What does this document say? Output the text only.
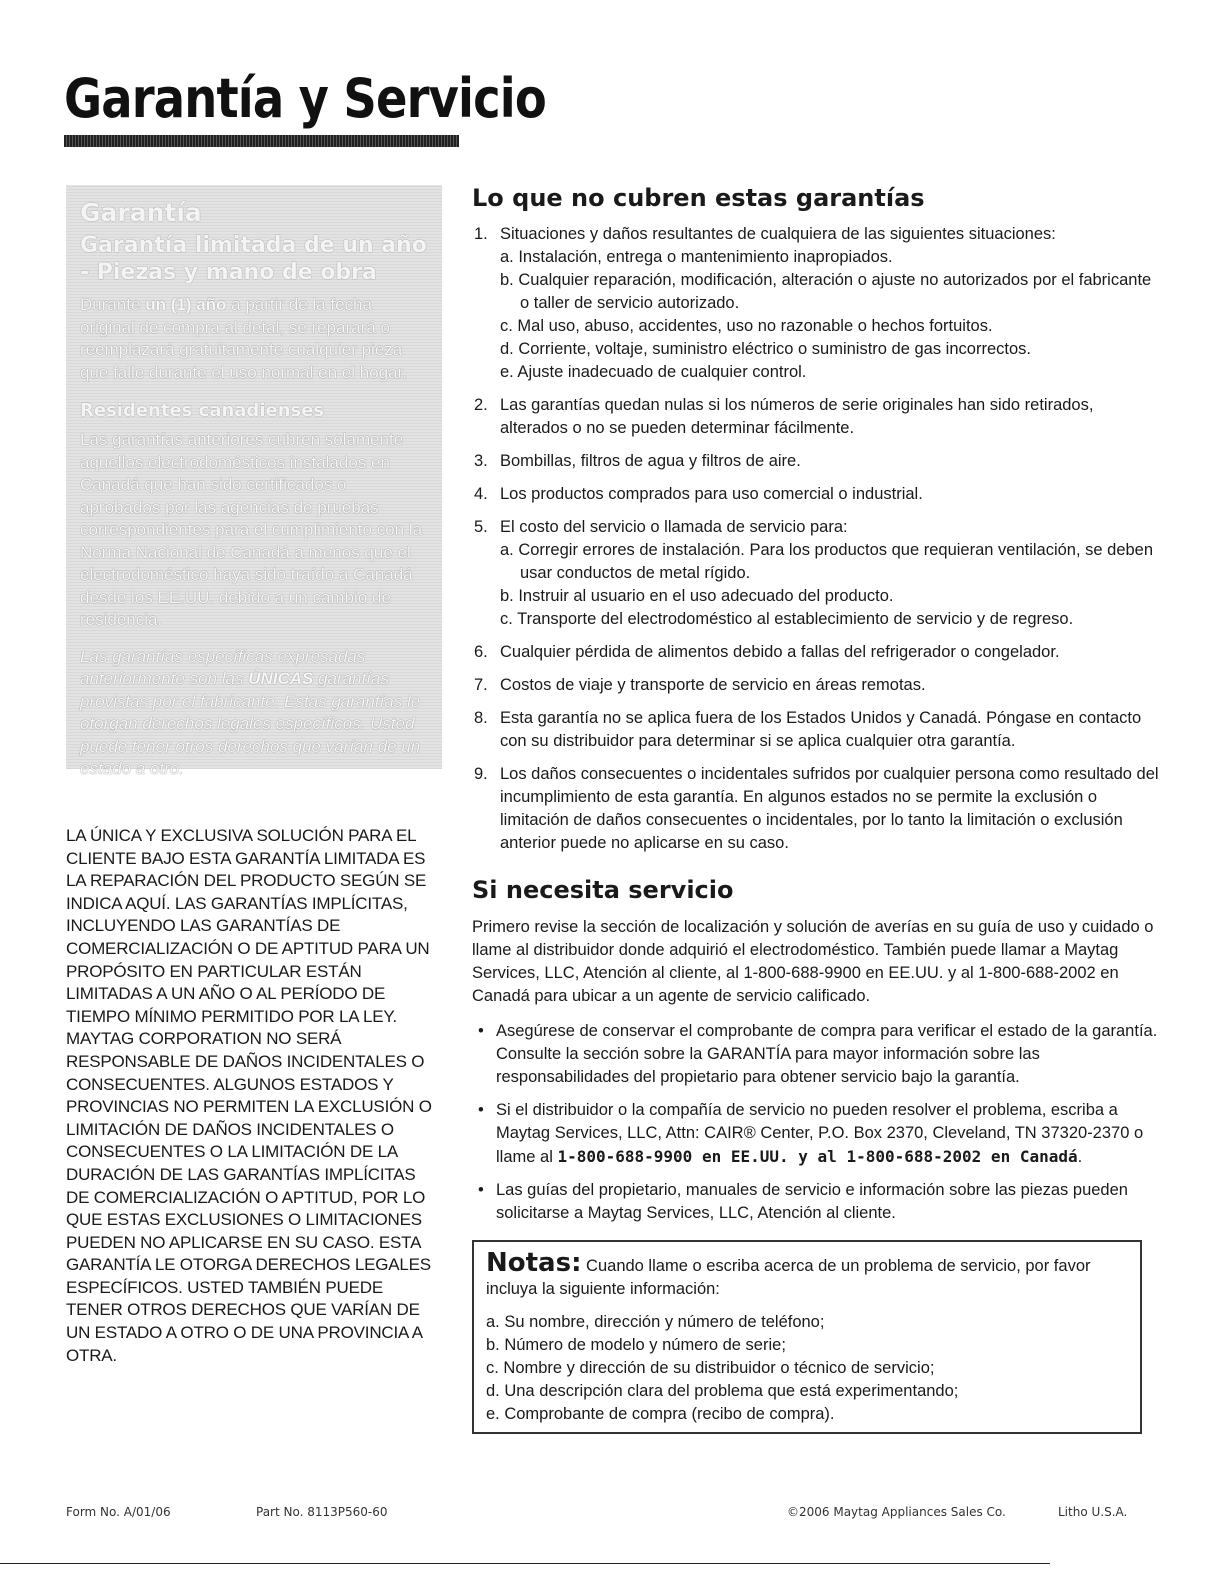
Garantía y Servicio
Garantía
Garantía limitada de un año - Piezas y mano de obra

Durante un (1) año a partir de la fecha original de compra al detal, se reparará o reemplazará gratuitamente cualquier pieza que falle durante el uso normal en el hogar.

Residentes canadienses

Las garantías anteriores cubren solamente aquellos electrodomésticos instalados en Canadá que han sido certificados o aprobados por las agencias de pruebas correspondientes para el cumplimiento con la Norma Nacional de Canadá a menos que el electrodoméstico haya sido traído a Canadá desde los EE.UU. debido a un cambio de residencia.

Las garantías específicas expresadas anteriormente son las ÚNICAS garantías provistas por el fabricante. Estas garantías le otorgan derechos legales específicos. Usted puede tener otros derechos que varían de un estado a otro.

LA ÚNICA Y EXCLUSIVA SOLUCIÓN PARA EL CLIENTE BAJO ESTA GARANTÍA LIMITADA ES LA REPARACIÓN DEL PRODUCTO SEGÚN SE INDICA AQUÍ. LAS GARANTÍAS IMPLÍCITAS, INCLUYENDO LAS GARANTÍAS DE COMERCIALIZACIÓN O DE APTITUD PARA UN PROPÓSITO EN PARTICULAR ESTÁN LIMITADAS A UN AÑO O AL PERÍODO DE TIEMPO MÍNIMO PERMITIDO POR LA LEY. MAYTAG CORPORATION NO SERÁ RESPONSABLE DE DAÑOS INCIDENTALES O CONSECUENTES. ALGUNOS ESTADOS Y PROVINCIAS NO PERMITEN LA EXCLUSIÓN O LIMITACIÓN DE DAÑOS INCIDENTALES O CONSECUENTES O LA LIMITACIÓN DE LA DURACIÓN DE LAS GARANTÍAS IMPLÍCITAS DE COMERCIALIZACIÓN O APTITUD, POR LO QUE ESTAS EXCLUSIONES O LIMITACIONES PUEDEN NO APLICARSE EN SU CASO. ESTA GARANTÍA LE OTORGA DERECHOS LEGALES ESPECÍFICOS. USTED TAMBIÉN PUEDE TENER OTROS DERECHOS QUE VARÍAN DE UN ESTADO A OTRO O DE UNA PROVINCIA A OTRA.

Lo que no cubren estas garantías
1. Situaciones y daños resultantes de cualquiera de las siguientes situaciones:
a. Instalación, entrega o mantenimiento inapropiados.
b. Cualquier reparación, modificación, alteración o ajuste no autorizados por el fabricante o taller de servicio autorizado.
c. Mal uso, abuso, accidentes, uso no razonable o hechos fortuitos.
d. Corriente, voltaje, suministro eléctrico o suministro de gas incorrectos.
e. Ajuste inadecuado de cualquier control.
2. Las garantías quedan nulas si los números de serie originales han sido retirados, alterados o no se pueden determinar fácilmente.
3. Bombillas, filtros de agua y filtros de aire.
4. Los productos comprados para uso comercial o industrial.
5. El costo del servicio o llamada de servicio para:
a. Corregir errores de instalación. Para los productos que requieran ventilación, se deben usar conductos de metal rígido.
b. Instruir al usuario en el uso adecuado del producto.
c. Transporte del electrodoméstico al establecimiento de servicio y de regreso.
6. Cualquier pérdida de alimentos debido a fallas del refrigerador o congelador.
7. Costos de viaje y transporte de servicio en áreas remotas.
8. Esta garantía no se aplica fuera de los Estados Unidos y Canadá. Póngase en contacto con su distribuidor para determinar si se aplica cualquier otra garantía.
9. Los daños consecuentes o incidentales sufridos por cualquier persona como resultado del incumplimiento de esta garantía. En algunos estados no se permite la exclusión o limitación de daños consecuentes o incidentales, por lo tanto la limitación o exclusión anterior puede no aplicarse en su caso.
Si necesita servicio

Primero revise la sección de localización y solución de averías en su guía de uso y cuidado o llame al distribuidor donde adquirió el electrodoméstico. También puede llamar a Maytag Services, LLC, Atención al cliente, al 1-800-688-9900 en EE.UU. y al 1-800-688-2002 en Canadá para ubicar a un agente de servicio calificado.

• Asegúrese de conservar el comprobante de compra para verificar el estado de la garantía. Consulte la sección sobre la GARANTÍA para mayor información sobre las responsabilidades del propietario para obtener servicio bajo la garantía.
• Si el distribuidor o la compañía de servicio no pueden resolver el problema, escriba a Maytag Services, LLC, Attn: CAIR® Center, P.O. Box 2370, Cleveland, TN 37320-2370 o llame al 1-800-688-9900 en EE.UU. y al 1-800-688-2002 en Canadá.
• Las guías del propietario, manuales de servicio e información sobre las piezas pueden solicitarse a Maytag Services, LLC, Atención al cliente.
Notas: Cuando llame o escriba acerca de un problema de servicio, por favor incluya la siguiente información:
a. Su nombre, dirección y número de teléfono;
b. Número de modelo y número de serie;
c. Nombre y dirección de su distribuidor o técnico de servicio;
d. Una descripción clara del problema que está experimentando;
e. Comprobante de compra (recibo de compra).
Form No. A/01/06	Part No. 8113P560-60	©2006 Maytag Appliances Sales Co.	Litho U.S.A.
